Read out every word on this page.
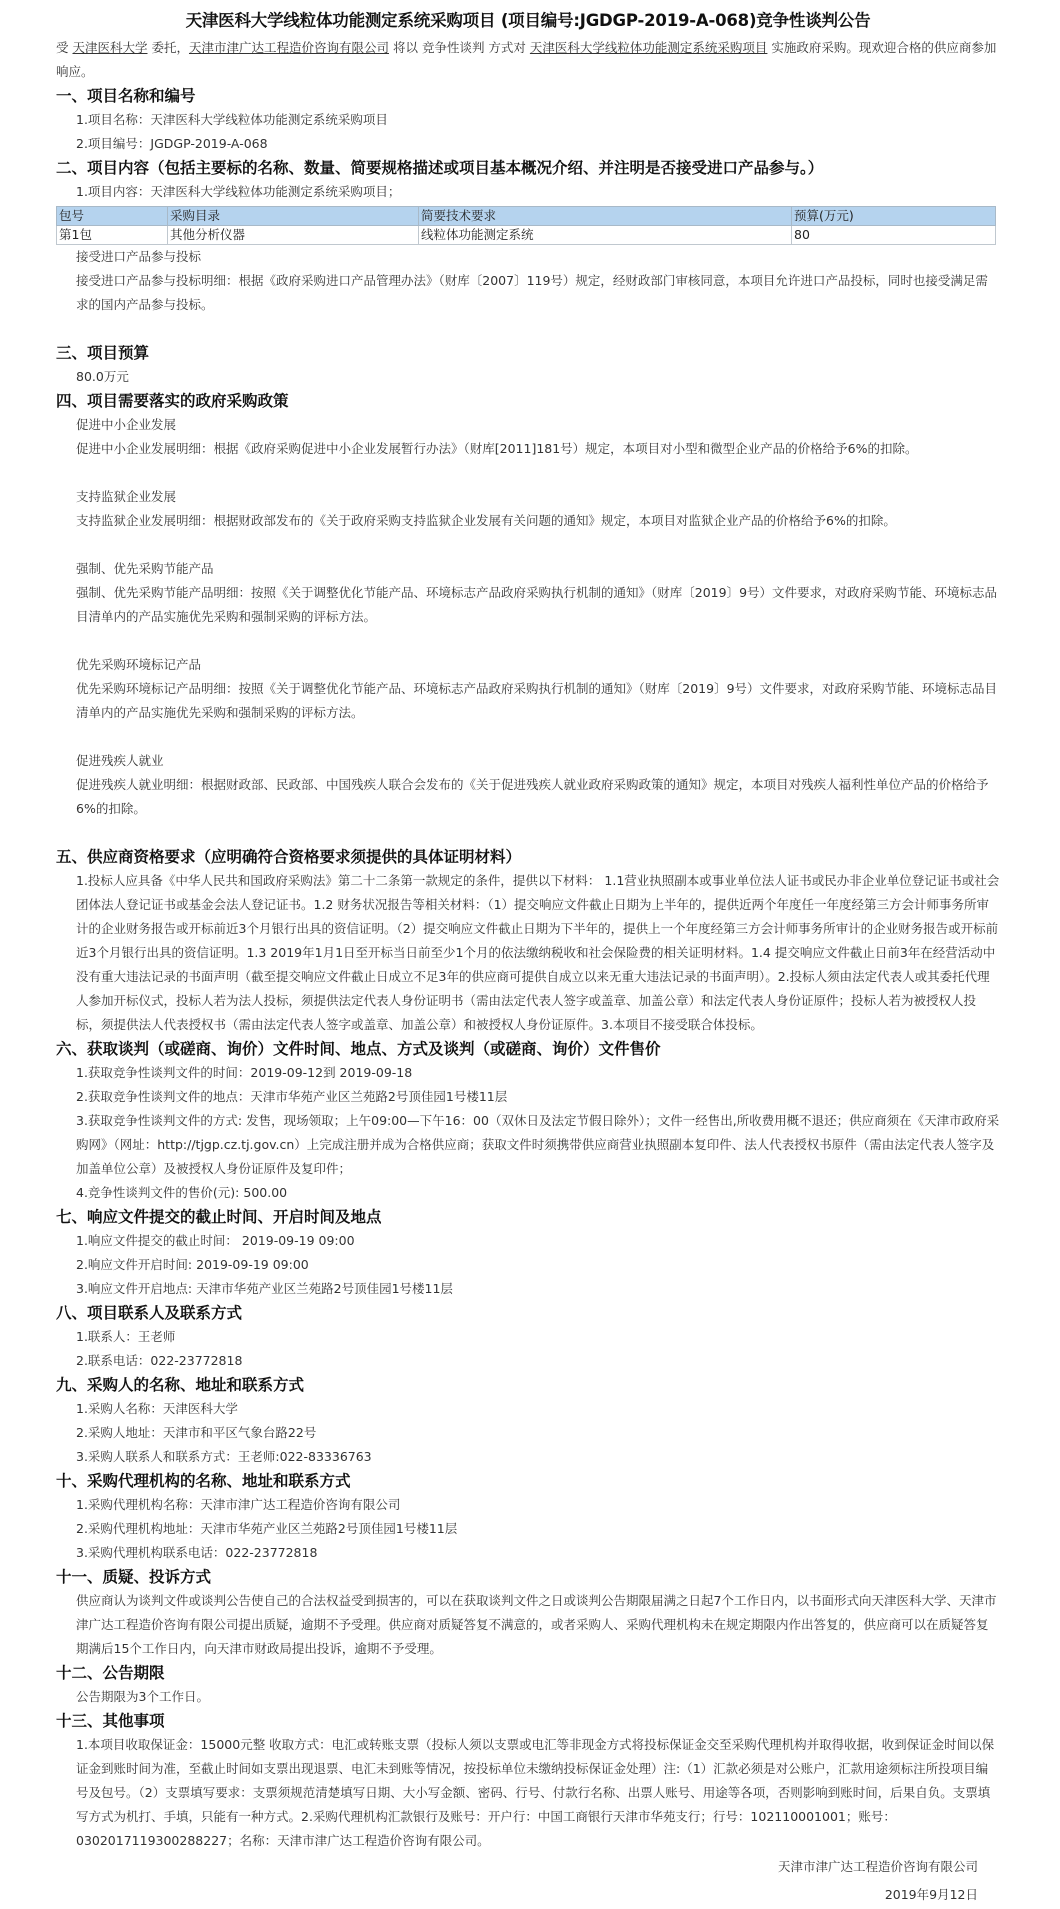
天津医科大学线粒体功能测定系统采购项目 (项目编号:JGDGP-2019-A-068)竞争性谈判公告

受 天津医科大学 委托，天津市津广达工程造价咨询有限公司 将以 竞争性谈判 方式对 天津医科大学线粒体功能测定系统采购项目 实施政府采购。现欢迎合格的供应商参加响应。

一、项目名称和编号

1.项目名称：天津医科大学线粒体功能测定系统采购项目

2.项目编号：JGDGP-2019-A-068

二、项目内容（包括主要标的名称、数量、简要规格描述或项目基本概况介绍、并注明是否接受进口产品参与。）

1.项目内容：天津医科大学线粒体功能测定系统采购项目；

包号	采购目录	简要技术要求	预算(万元)
第1包	其他分析仪器	线粒体功能测定系统	80

接受进口产品参与投标

接受进口产品参与投标明细：根据《政府采购进口产品管理办法》（财库〔2007〕119号）规定，经财政部门审核同意，本项目允许进口产品投标，同时也接受满足需求的国内产品参与投标。

三、项目预算

80.0万元

四、项目需要落实的政府采购政策

促进中小企业发展

促进中小企业发展明细：根据《政府采购促进中小企业发展暂行办法》（财库[2011]181号）规定，本项目对小型和微型企业产品的价格给予6%的扣除。

支持监狱企业发展

支持监狱企业发展明细：根据财政部发布的《关于政府采购支持监狱企业发展有关问题的通知》规定，本项目对监狱企业产品的价格给予6%的扣除。

强制、优先采购节能产品

强制、优先采购节能产品明细：按照《关于调整优化节能产品、环境标志产品政府采购执行机制的通知》（财库〔2019〕9号）文件要求，对政府采购节能、环境标志品目清单内的产品实施优先采购和强制采购的评标方法。

优先采购环境标记产品

优先采购环境标记产品明细：按照《关于调整优化节能产品、环境标志产品政府采购执行机制的通知》（财库〔2019〕9号）文件要求，对政府采购节能、环境标志品目清单内的产品实施优先采购和强制采购的评标方法。

促进残疾人就业

促进残疾人就业明细：根据财政部、民政部、中国残疾人联合会发布的《关于促进残疾人就业政府采购政策的通知》规定，本项目对残疾人福利性单位产品的价格给予6%的扣除。

五、供应商资格要求（应明确符合资格要求须提供的具体证明材料）

1.投标人应具备《中华人民共和国政府采购法》第二十二条第一款规定的条件，提供以下材料： 1.1营业执照副本或事业单位法人证书或民办非企业单位登记证书或社会团体法人登记证书或基金会法人登记证书。1.2 财务状况报告等相关材料：（1）提交响应文件截止日期为上半年的，提供近两个年度任一年度经第三方会计师事务所审计的企业财务报告或开标前近3个月银行出具的资信证明。（2）提交响应文件截止日期为下半年的，提供上一个年度经第三方会计师事务所审计的企业财务报告或开标前近3个月银行出具的资信证明。1.3 2019年1月1日至开标当日前至少1个月的依法缴纳税收和社会保险费的相关证明材料。1.4 提交响应文件截止日前3年在经营活动中没有重大违法记录的书面声明（截至提交响应文件截止日成立不足3年的供应商可提供自成立以来无重大违法记录的书面声明）。2.投标人须由法定代表人或其委托代理人参加开标仪式，投标人若为法人投标，须提供法定代表人身份证明书（需由法定代表人签字或盖章、加盖公章）和法定代表人身份证原件；投标人若为被授权人投标，须提供法人代表授权书（需由法定代表人签字或盖章、加盖公章）和被授权人身份证原件。3.本项目不接受联合体投标。

六、获取谈判（或磋商、询价）文件时间、地点、方式及谈判（或磋商、询价）文件售价

1.获取竞争性谈判文件的时间：2019-09-12到 2019-09-18

2.获取竞争性谈判文件的地点：天津市华苑产业区兰苑路2号顶佳园1号楼11层

3.获取竞争性谈判文件的方式: 发售，现场领取；上午09:00—下午16：00（双休日及法定节假日除外）；文件一经售出,所收费用概不退还；供应商须在《天津市政府采购网》（网址：http://tjgp.cz.tj.gov.cn）上完成注册并成为合格供应商；获取文件时须携带供应商营业执照副本复印件、法人代表授权书原件（需由法定代表人签字及加盖单位公章）及被授权人身份证原件及复印件；

4.竞争性谈判文件的售价(元): 500.00

七、响应文件提交的截止时间、开启时间及地点

1.响应文件提交的截止时间： 2019-09-19 09:00

2.响应文件开启时间: 2019-09-19 09:00

3.响应文件开启地点: 天津市华苑产业区兰苑路2号顶佳园1号楼11层

八、项目联系人及联系方式

1.联系人：王老师

2.联系电话：022-23772818

九、采购人的名称、地址和联系方式

1.采购人名称：天津医科大学

2.采购人地址：天津市和平区气象台路22号

3.采购人联系人和联系方式：王老师:022-83336763

十、采购代理机构的名称、地址和联系方式

1.采购代理机构名称：天津市津广达工程造价咨询有限公司

2.采购代理机构地址：天津市华苑产业区兰苑路2号顶佳园1号楼11层

3.采购代理机构联系电话：022-23772818

十一、质疑、投诉方式

供应商认为谈判文件或谈判公告使自己的合法权益受到损害的，可以在获取谈判文件之日或谈判公告期限届满之日起7个工作日内，以书面形式向天津医科大学、天津市津广达工程造价咨询有限公司提出质疑，逾期不予受理。供应商对质疑答复不满意的，或者采购人、采购代理机构未在规定期限内作出答复的，供应商可以在质疑答复期满后15个工作日内，向天津市财政局提出投诉，逾期不予受理。

十二、公告期限

公告期限为3个工作日。

十三、其他事项

1.本项目收取保证金：15000元整 收取方式：电汇或转账支票（投标人须以支票或电汇等非现金方式将投标保证金交至采购代理机构并取得收据，收到保证金时间以保证金到账时间为准，至截止时间如支票出现退票、电汇未到账等情况，按投标单位未缴纳投标保证金处理）注:（1）汇款必须是对公账户，汇款用途须标注所投项目编号及包号。（2）支票填写要求：支票须规范清楚填写日期、大小写金额、密码、行号、付款行名称、出票人账号、用途等各项，否则影响到账时间，后果自负。支票填写方式为机打、手填，只能有一种方式。2.采购代理机构汇款银行及账号：开户行：中国工商银行天津市华苑支行；行号：102110001001；账号：0302017119300288227；名称：天津市津广达工程造价咨询有限公司。

天津市津广达工程造价咨询有限公司

2019年9月12日
